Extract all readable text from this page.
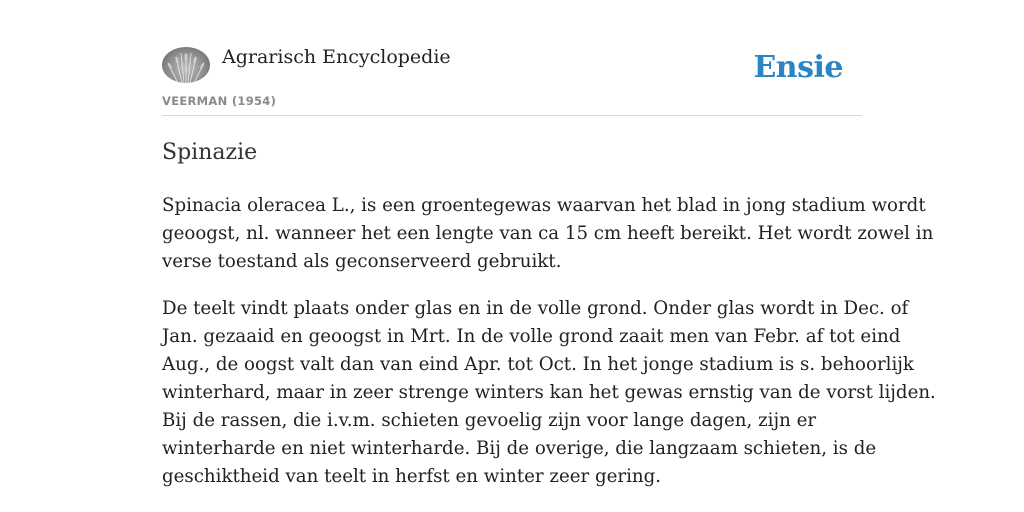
Agrarisch Encyclopedie
VEERMAN (1954)
Ensie
Spinazie

Spinacia oleracea L., is een groentegewas waarvan het blad in jong stadium wordt
geoogst, nl. wanneer het een lengte van ca 15 cm heeft bereikt. Het wordt zowel in
verse toestand als geconserveerd gebruikt.

De teelt vindt plaats onder glas en in de volle grond. Onder glas wordt in Dec. of
Jan. gezaaid en geoogst in Mrt. In de volle grond zaait men van Febr. af tot eind
Aug., de oogst valt dan van eind Apr. tot Oct. In het jonge stadium is s. behoorlijk
winterhard, maar in zeer strenge winters kan het gewas ernstig van de vorst lijden.
Bij de rassen, die i.v.m. schieten gevoelig zijn voor lange dagen, zijn er
winterharde en niet winterharde. Bij de overige, die langzaam schieten, is de
geschiktheid van teelt in herfst en winter zeer gering.
